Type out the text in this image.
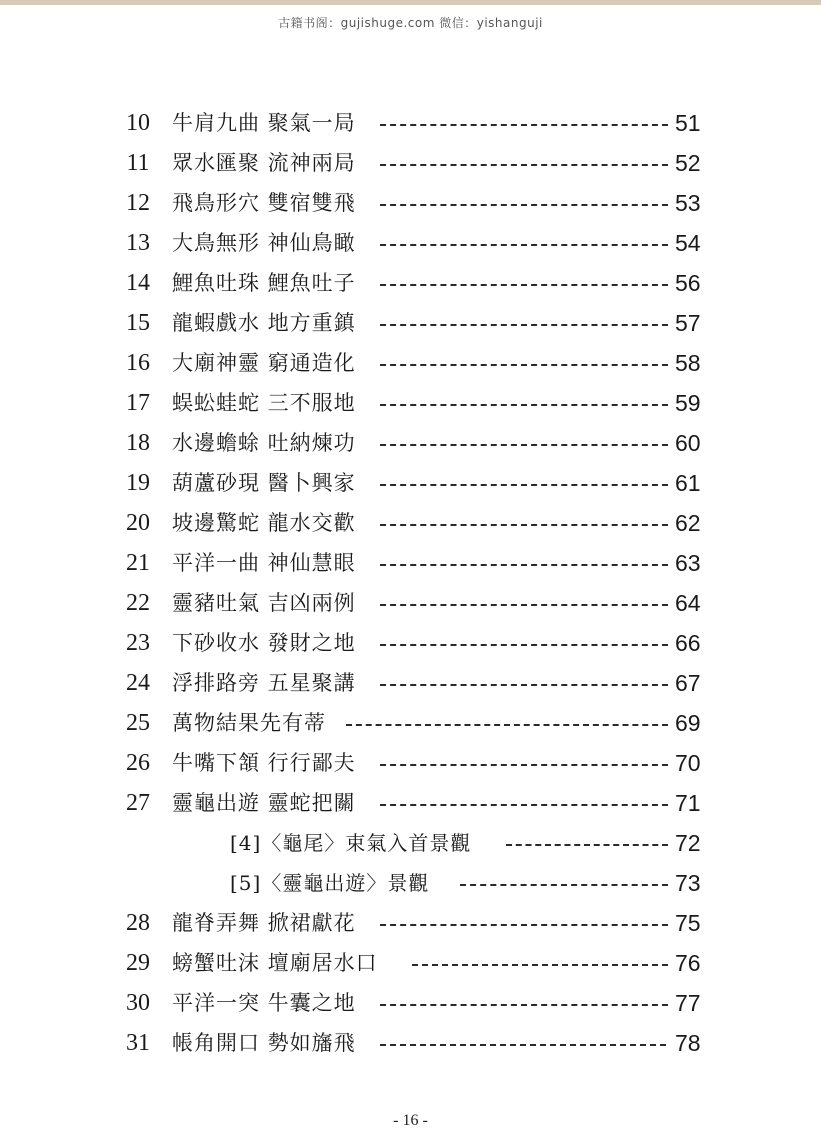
古籍书阁：gujishuge.com 微信：yishanguji
10	牛肩九曲 聚氣一局	51
11	眾水匯聚 流神兩局	52
12	飛鳥形穴 雙宿雙飛	53
13	大鳥無形 神仙鳥瞰	54
14	鯉魚吐珠 鯉魚吐子	56
15	龍蝦戲水 地方重鎮	57
16	大廟神靈 窮通造化	58
17	蜈蚣蛙蛇 三不服地	59
18	水邊蟾蜍 吐納煉功	60
19	葫蘆砂現 醫卜興家	61
20	坡邊驚蛇 龍水交歡	62
21	平洋一曲 神仙慧眼	63
22	靈豬吐氣 吉凶兩例	64
23	下砂收水 發財之地	66
24	浮排路旁 五星聚講	67
25	萬物結果先有蒂	69
26	牛嘴下頷 行行鄙夫	70
27	靈龜出遊 靈蛇把關	71
[4]〈龜尾〉束氣入首景觀	72
[5]〈靈龜出遊〉景觀	73
28	龍脊弄舞 掀裙獻花	75
29	螃蟹吐沫 壇廟居水口	76
30	平洋一突 牛囊之地	77
31	帳角開口 勢如旛飛	78
- 16 -
